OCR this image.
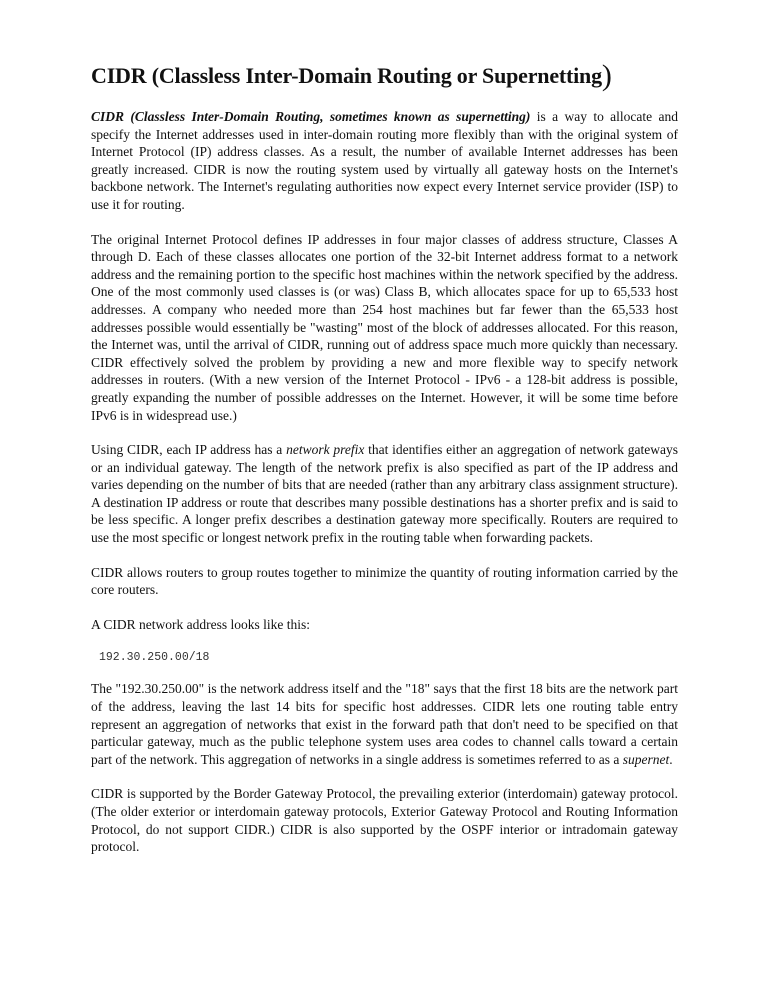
CIDR (Classless Inter-Domain Routing or Supernetting)

CIDR (Classless Inter-Domain Routing, sometimes known as supernetting) is a way to allocate and specify the Internet addresses used in inter-domain routing more flexibly than with the original system of Internet Protocol (IP) address classes. As a result, the number of available Internet addresses has been greatly increased. CIDR is now the routing system used by virtually all gateway hosts on the Internet's backbone network. The Internet's regulating authorities now expect every Internet service provider (ISP) to use it for routing.

The original Internet Protocol defines IP addresses in four major classes of address structure, Classes A through D. Each of these classes allocates one portion of the 32-bit Internet address format to a network address and the remaining portion to the specific host machines within the network specified by the address. One of the most commonly used classes is (or was) Class B, which allocates space for up to 65,533 host addresses. A company who needed more than 254 host machines but far fewer than the 65,533 host addresses possible would essentially be "wasting" most of the block of addresses allocated. For this reason, the Internet was, until the arrival of CIDR, running out of address space much more quickly than necessary. CIDR effectively solved the problem by providing a new and more flexible way to specify network addresses in routers. (With a new version of the Internet Protocol - IPv6 - a 128-bit address is possible, greatly expanding the number of possible addresses on the Internet. However, it will be some time before IPv6 is in widespread use.)

Using CIDR, each IP address has a network prefix that identifies either an aggregation of network gateways or an individual gateway. The length of the network prefix is also specified as part of the IP address and varies depending on the number of bits that are needed (rather than any arbitrary class assignment structure). A destination IP address or route that describes many possible destinations has a shorter prefix and is said to be less specific. A longer prefix describes a destination gateway more specifically. Routers are required to use the most specific or longest network prefix in the routing table when forwarding packets.

CIDR allows routers to group routes together to minimize the quantity of routing information carried by the core routers.

A CIDR network address looks like this:

192.30.250.00/18

The "192.30.250.00" is the network address itself and the "18" says that the first 18 bits are the network part of the address, leaving the last 14 bits for specific host addresses. CIDR lets one routing table entry represent an aggregation of networks that exist in the forward path that don't need to be specified on that particular gateway, much as the public telephone system uses area codes to channel calls toward a certain part of the network. This aggregation of networks in a single address is sometimes referred to as a supernet.

CIDR is supported by the Border Gateway Protocol, the prevailing exterior (interdomain) gateway protocol. (The older exterior or interdomain gateway protocols, Exterior Gateway Protocol and Routing Information Protocol, do not support CIDR.) CIDR is also supported by the OSPF interior or intradomain gateway protocol.
